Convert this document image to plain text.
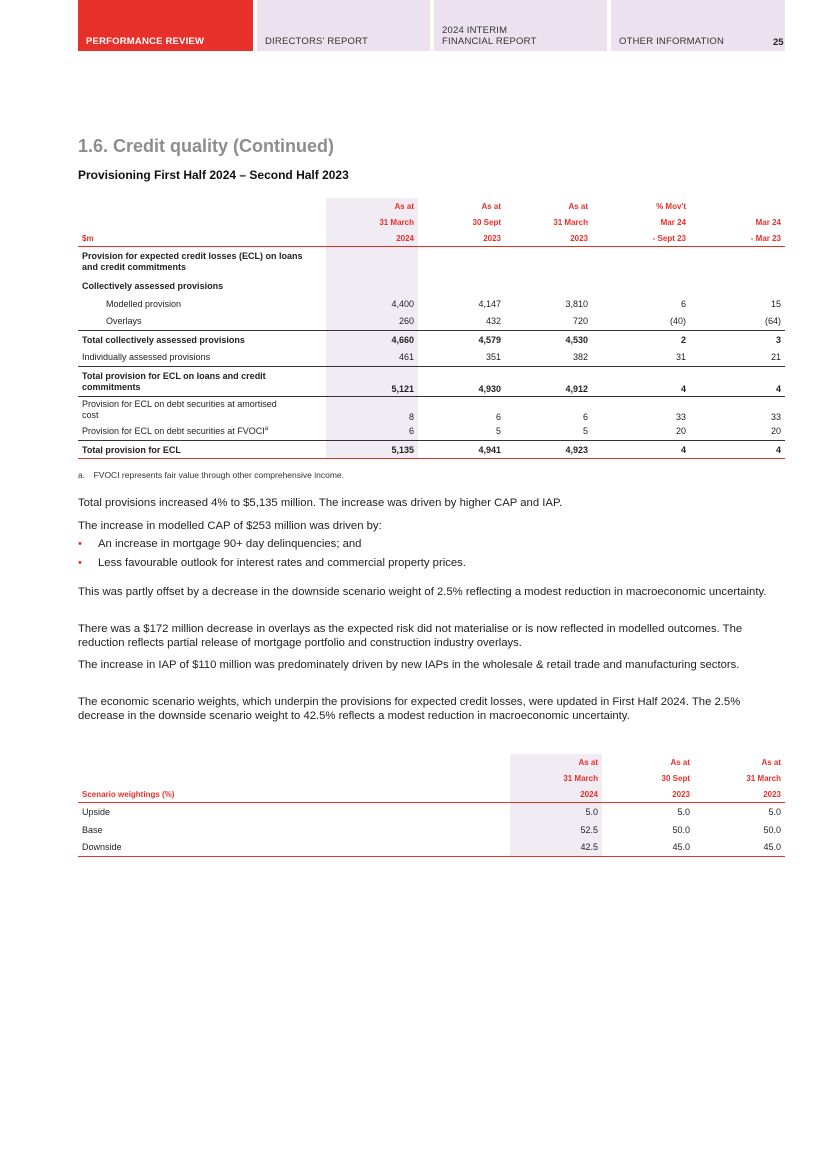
PERFORMANCE REVIEW	DIRECTORS' REPORT
2024 INTERIM
FINANCIAL REPORT	OTHER INFORMATION	25
1.6. Credit quality (Continued)
Provisioning First Half 2024 – Second Half 2023
	As at	As at	As at	% Mov't	
	31 March	30 Sept	31 March	Mar 24	Mar 24
$m	2024	2023	2023	- Sept 23	- Mar 23
Provision for expected credit losses (ECL) on loans and credit commitments					
Collectively assessed provisions					
Modelled provision	4,400	4,147	3,810	6	15
Overlays	260	432	720	(40)	(64)
Total collectively assessed provisions	4,660	4,579	4,530	2	3
Individually assessed provisions	461	351	382	31	21
Total provision for ECL on loans and credit commitments	5,121	4,930	4,912	4	4
Provision for ECL on debt securities at amortised cost	8	6	6	33	33
Provision for ECL on debt securities at FVOCI$^a$	6	5	5	20	20
Total provision for ECL	5,135	4,941	4,923	4	4
a. FVOCI represents fair value through other comprehensive income.
Total provisions increased 4% to $5,135 million. The increase was driven by higher CAP and IAP.
The increase in modelled CAP of $253 million was driven by:
• An increase in mortgage 90+ day delinquencies; and
• Less favourable outlook for interest rates and commercial property prices.
This was partly offset by a decrease in the downside scenario weight of 2.5% reflecting a modest reduction in macroeconomic uncertainty.
There was a $172 million decrease in overlays as the expected risk did not materialise or is now reflected in modelled outcomes. The reduction reflects partial release of mortgage portfolio and construction industry overlays.
The increase in IAP of $110 million was predominately driven by new IAPs in the wholesale & retail trade and manufacturing sectors.
The economic scenario weights, which underpin the provisions for expected credit losses, were updated in First Half 2024. The 2.5% decrease in the downside scenario weight to 42.5% reflects a modest reduction in macroeconomic uncertainty.
	As at	As at	As at
	31 March	30 Sept	31 March
Scenario weightings (%)	2024	2023	2023
Upside	5.0	5.0	5.0
Base	52.5	50.0	50.0
Downside	42.5	45.0	45.0
